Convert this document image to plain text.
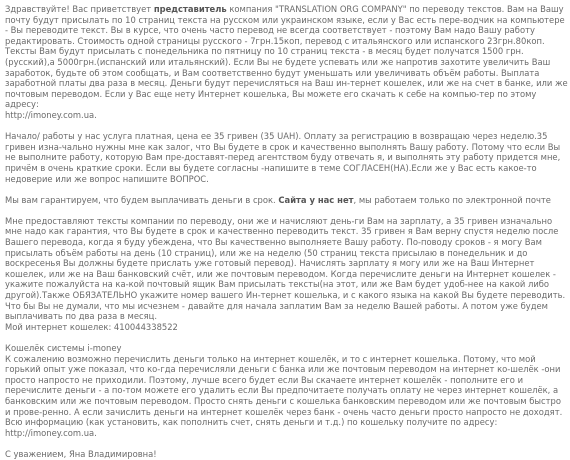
Здравствуйте! Вас приветствует представитель компания "TRANSLATION ORG COMPANY" по переводу текстов. Вам на Вашу почту будут присылать по 10 страниц текста на русском или украинском языке, если у Вас есть пере-водчик на компьютере - Вы переводите текст. Вы в курсе, что очень часто перевод не всегда соответствует - поэтому Вам надо Вашу работу редактировать. Стоимость одной страницы русского - 7грн.15коп, перевод с итальянского или испанского 23грн.80коп. Тексты Вам будут присылать с понедельника по пятницу по 10 страниц текста - в месяц будет получатся 1500 грн.(русский),а 5000грн.(испанский или итальянский). Если Вы не будете успевать или же напротив захотите увеличить Ваш заработок, будьте об этом сообщать, и Вам соответственно будут уменьшать или увеличивать объём работы. Выплата заработной платы два раза в месяц. Деньги будут перечисляться на Ваш ин-тернет кошелек, или же на счет в банке, или же почтовым переводом. Если у Вас еще нету Интернет кошелька, Вы можете его скачать к себе на компью-тер по этому адресу:
http://imoney.com.ua.
Начало/ работы у нас услуга платная, цена ее 35 гривен (35 UAH). Оплату за регистрацию в возвращаю через неделю.35 гривен изна-чально нужны мне как залог, что Вы будете в срок и качественно выполнять Вашу работу. Потому что если Вы не выполните работу, которую Вам пре-доставят-перед агентством буду отвечать я, и выполнять эту работу придется мне, причём в очень краткие сроки. Если вы будете согласны -напишите в теме СОГЛАСЕН(НА).Если же у Вас есть какое-то недоверие или же вопрос напишите ВОПРОС.
Мы вам гарантируем, что будем выплачивать деньги в срок. Сайта у нас нет, мы работаем только по электронной почте
Мне предоставляют тексты компании по переводу, они же и начисляют день-ги Вам на зарплату, а 35 гривен изначально мне надо как гарантия, что Вы будете в срок и качественно переводить текст. 35 гривен я Вам верну спустя неделю после Вашего перевода, когда я буду убеждена, что Вы качественно выполняете Вашу работу. По-поводу сроков - я могу Вам присылать объём работы на день (10 страниц), или же на неделю (50 страниц текста присылаю в понедельник и до воскресенья Вы должны будете прислать уже готовый перевод). Начислять зарплату я могу или же на Ваш Интернет кошелек, или же на Ваш банковский счёт, или же почтовым переводом. Когда перечислите деньги на Интернет кошелек - укажите пожалуйста на ка-кой почтовый ящик Вам присылать тексты(на этот, или же Вам будет удоб-нее на какой либо другой).Также ОБЯЗАТЕЛЬНО укажите номер вашего Ин-тернет кошелька, и с какого языка на какой Вы будете переводить. Что бы Вы не думали, что мы исчезнем - давайте для начала заплатим Вам за неделю Вашей работы. А потом уже будем выплачивать по два раза в месяц.
Мой интернет кошелек: 410044338522
Кошелёк системы i-money
К сожалению возможно перечислить деньги только на интернет кошелёк, и то с интернет кошелька. Потому, что мой горький опыт уже показал, что ко-гда перечисляли деньги с банка или же почтовым переводом на интернет ко-шелёк -они просто напросто не приходили. Поэтому, лучше всего будет если Вы скачаете интернет кошелёк - пополните его и перечислите деньги - а по-том можете его удалить если Вы предпочитаете получать оплату не через интернет кошелёк, а банковским или же почтовым переводом. Просто снять деньги с кошелька банковским переводом или же почтовым быстро и прове-ренно. А если зачислить деньги на интернет кошелёк через банк - очень часто деньги просто напросто не доходят. Всю информацию (как установить, как пополнить счет, снять деньги и т.д.) по кошельку получите по адресу:
http://imoney.com.ua.
С уважением, Яна Владимировна!
